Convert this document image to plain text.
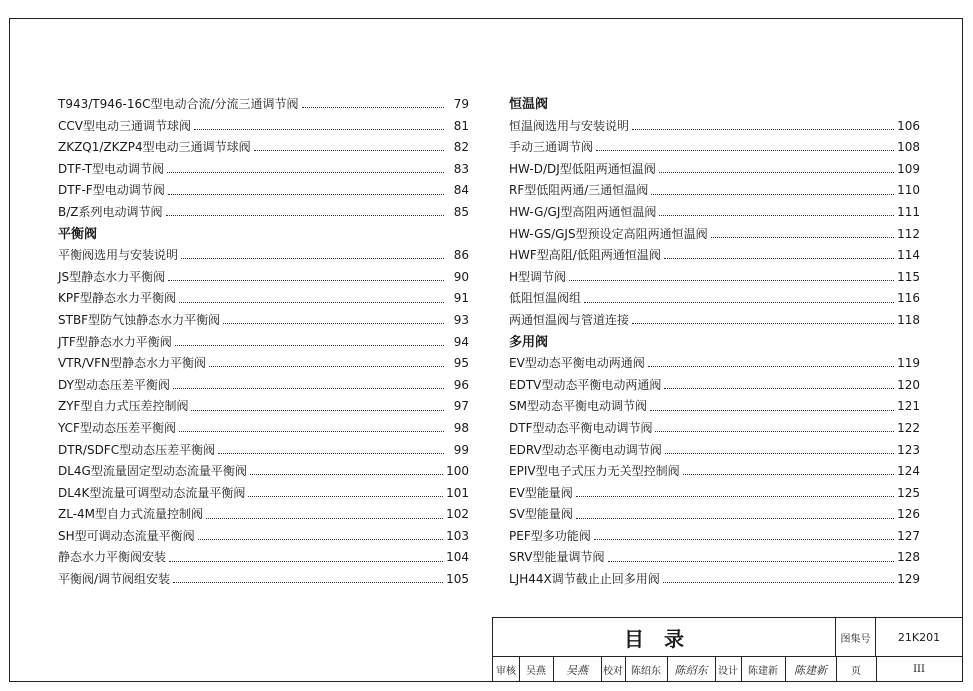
T943/T946-16C型电动合流/分流三通调节阀	79
CCV型电动三通调节球阀	81
ZKZQ1/ZKZP4型电动三通调节球阀	82
DTF-T型电动调节阀	83
DTF-F型电动调节阀	84
B/Z系列电动调节阀	85
平衡阀
平衡阀选用与安装说明	86
JS型静态水力平衡阀	90
KPF型静态水力平衡阀	91
STBF型防气蚀静态水力平衡阀	93
JTF型静态水力平衡阀	94
VTR/VFN型静态水力平衡阀	95
DY型动态压差平衡阀	96
ZYF型自力式压差控制阀	97
YCF型动态压差平衡阀	98
DTR/SDFC型动态压差平衡阀	99
DL4G型流量固定型动态流量平衡阀	100
DL4K型流量可调型动态流量平衡阀	101
ZL-4M型自力式流量控制阀	102
SH型可调动态流量平衡阀	103
静态水力平衡阀安装	104
平衡阀/调节阀组安装	105
恒温阀
恒温阀选用与安装说明	106
手动三通调节阀	108
HW-D/DJ型低阻两通恒温阀	109
RF型低阻两通/三通恒温阀	110
HW-G/GJ型高阻两通恒温阀	111
HW-GS/GJS型预设定高阻两通恒温阀	112
HWF型高阻/低阻两通恒温阀	114
H型调节阀	115
低阻恒温阀组	116
两通恒温阀与管道连接	118
多用阀
EV型动态平衡电动两通阀	119
EDTV型动态平衡电动两通阀	120
SM型动态平衡电动调节阀	121
DTF型动态平衡电动调节阀	122
EDRV型动态平衡电动调节阀	123
EPIV型电子式压力无关型控制阀	124
EV型能量阀	125
SV型能量阀	126
PEF型多功能阀	127
SRV型能量调节阀	128
LJH44X调节截止止回多用阀	129
目录	图集号	21K201
审核	吴燕	吴燕	校对 陈绍东	陈绍东	设计	陈建新	陈建新	页	III
